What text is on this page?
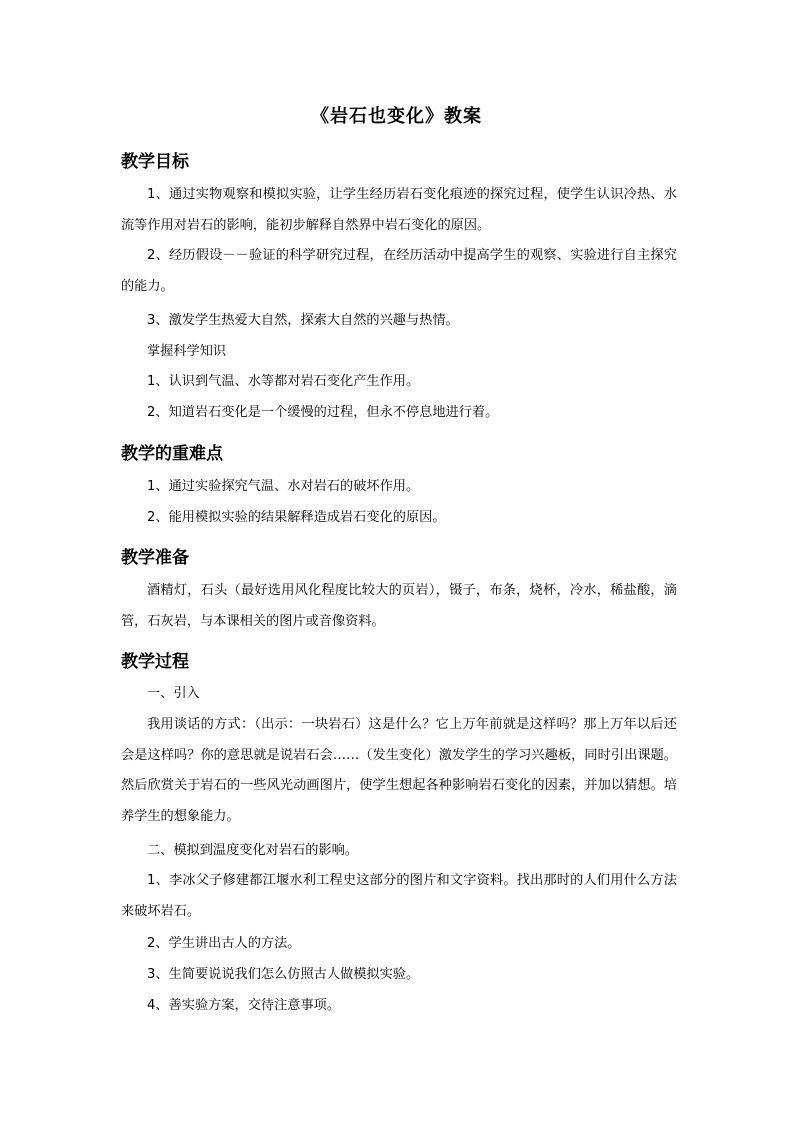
《岩石也变化》教案
教学目标
1、通过实物观察和模拟实验，让学生经历岩石变化痕迹的探究过程，使学生认识冷热、水流等作用对岩石的影响，能初步解释自然界中岩石变化的原因。
2、经历假设－－验证的科学研究过程，在经历活动中提高学生的观察、实验进行自主探究的能力。
3、激发学生热爱大自然，探索大自然的兴趣与热情。
掌握科学知识
1、认识到气温、水等都对岩石变化产生作用。
2、知道岩石变化是一个缓慢的过程，但永不停息地进行着。
教学的重难点
1、通过实验探究气温、水对岩石的破坏作用。
2、能用模拟实验的结果解释造成岩石变化的原因。
教学准备
酒精灯，石头（最好选用风化程度比较大的页岩），镊子，布条，烧杯，冷水，稀盐酸，滴管，石灰岩，与本课相关的图片或音像资料。
教学过程
一、引入
我用谈话的方式：（出示：一块岩石）这是什么？它上万年前就是这样吗？那上万年以后还会是这样吗？你的意思就是说岩石会……（发生变化）激发学生的学习兴趣板，同时引出课题。然后欣赏关于岩石的一些风光动画图片，使学生想起各种影响岩石变化的因素，并加以猜想。培养学生的想象能力。
二、模拟到温度变化对岩石的影响。
1、李冰父子修建都江堰水利工程史这部分的图片和文字资料。找出那时的人们用什么方法来破坏岩石。
2、学生讲出古人的方法。
3、生简要说说我们怎么仿照古人做模拟实验。
4、善实验方案，交待注意事项。
